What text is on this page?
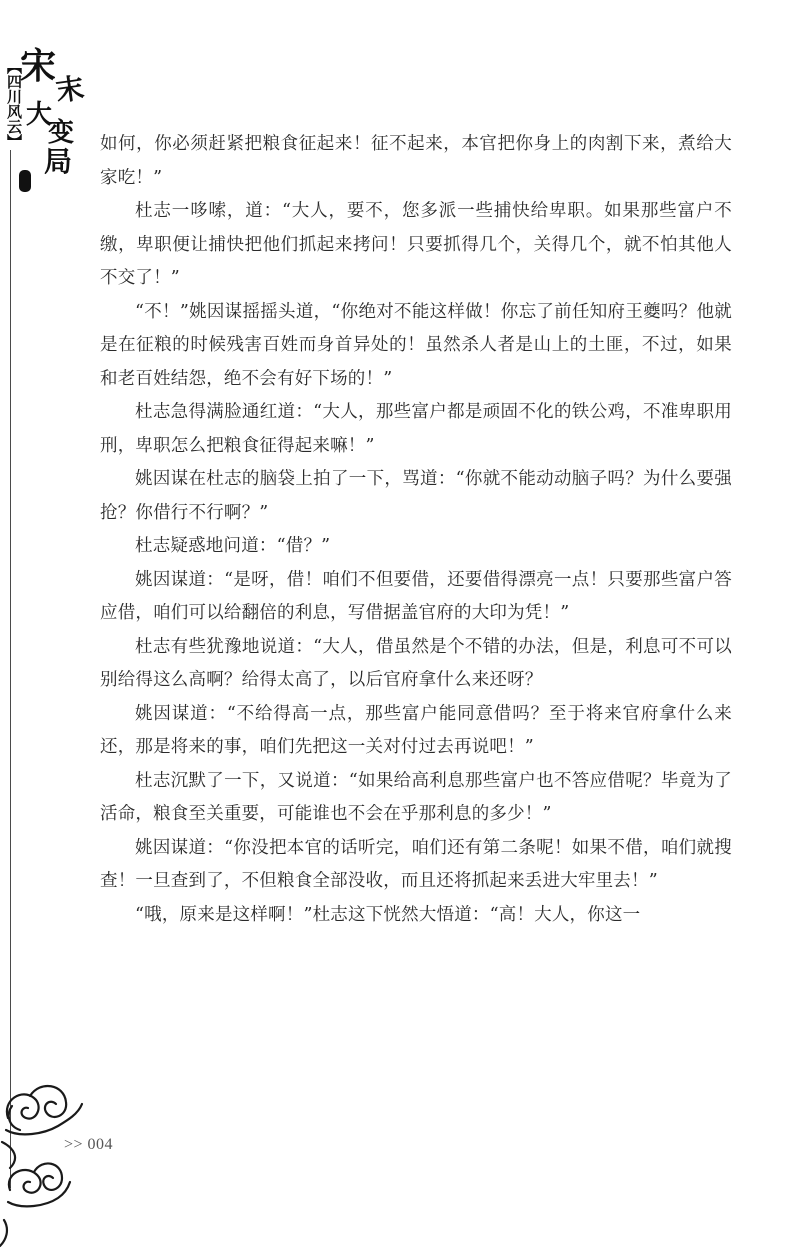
【四川风云】
宋
末
大
变
局

如何，你必须赶紧把粮食征起来！征不起来，本官把你身上的肉割下来，煮给大家吃！”

杜志一哆嗦，道：“大人，要不，您多派一些捕快给卑职。如果那些富户不缴，卑职便让捕快把他们抓起来拷问！只要抓得几个，关得几个，就不怕其他人不交了！”

“不！”姚因谋摇摇头道，“你绝对不能这样做！你忘了前任知府王夔吗？他就是在征粮的时候残害百姓而身首异处的！虽然杀人者是山上的土匪，不过，如果和老百姓结怨，绝不会有好下场的！”

杜志急得满脸通红道：“大人，那些富户都是顽固不化的铁公鸡，不准卑职用刑，卑职怎么把粮食征得起来嘛！”

姚因谋在杜志的脑袋上拍了一下，骂道：“你就不能动动脑子吗？为什么要强抢？你借行不行啊？”

杜志疑惑地问道：“借？”

姚因谋道：“是呀，借！咱们不但要借，还要借得漂亮一点！只要那些富户答应借，咱们可以给翻倍的利息，写借据盖官府的大印为凭！”

杜志有些犹豫地说道：“大人，借虽然是个不错的办法，但是，利息可不可以别给得这么高啊？给得太高了，以后官府拿什么来还呀？

姚因谋道：“不给得高一点，那些富户能同意借吗？至于将来官府拿什么来还，那是将来的事，咱们先把这一关对付过去再说吧！”

杜志沉默了一下，又说道：“如果给高利息那些富户也不答应借呢？毕竟为了活命，粮食至关重要，可能谁也不会在乎那利息的多少！”

姚因谋道：“你没把本官的话听完，咱们还有第二条呢！如果不借，咱们就搜查！一旦查到了，不但粮食全部没收，而且还将抓起来丢进大牢里去！”

“哦，原来是这样啊！”杜志这下恍然大悟道：“高！大人，你这一

>> 004
